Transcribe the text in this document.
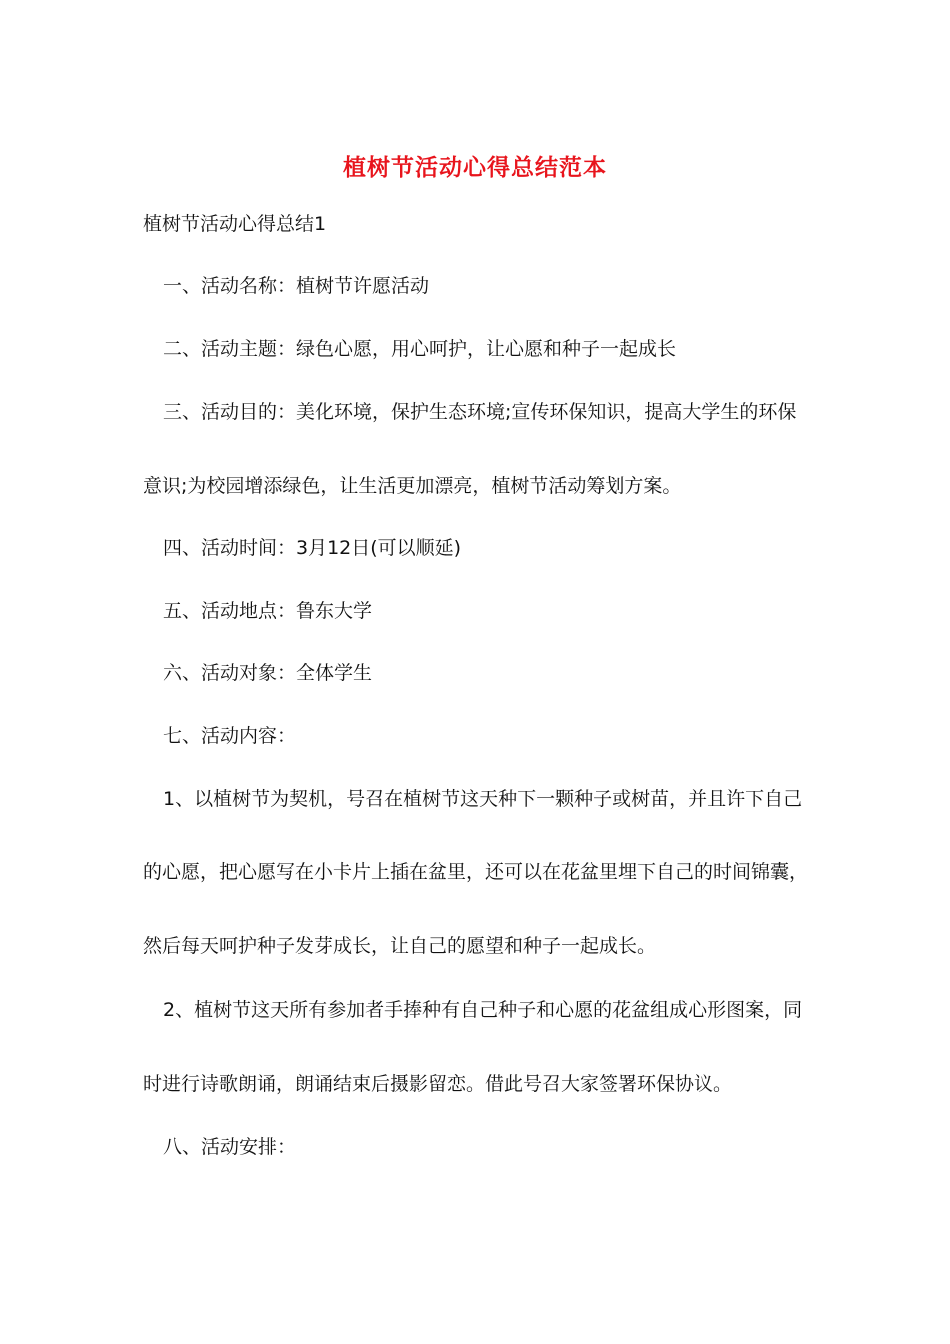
植树节活动心得总结范本
植树节活动心得总结1
一、活动名称：植树节许愿活动
二、活动主题：绿色心愿，用心呵护，让心愿和种子一起成长
三、活动目的：美化环境，保护生态环境;宣传环保知识，提高大学生的环保
意识;为校园增添绿色，让生活更加漂亮，植树节活动筹划方案。
四、活动时间：3月12日(可以顺延)
五、活动地点：鲁东大学
六、活动对象：全体学生
七、活动内容：
1、以植树节为契机，号召在植树节这天种下一颗种子或树苗，并且许下自己
的心愿，把心愿写在小卡片上插在盆里，还可以在花盆里埋下自己的时间锦囊，
然后每天呵护种子发芽成长，让自己的愿望和种子一起成长。
2、植树节这天所有参加者手捧种有自己种子和心愿的花盆组成心形图案，同
时进行诗歌朗诵，朗诵结束后摄影留恋。借此号召大家签署环保协议。
八、活动安排：
